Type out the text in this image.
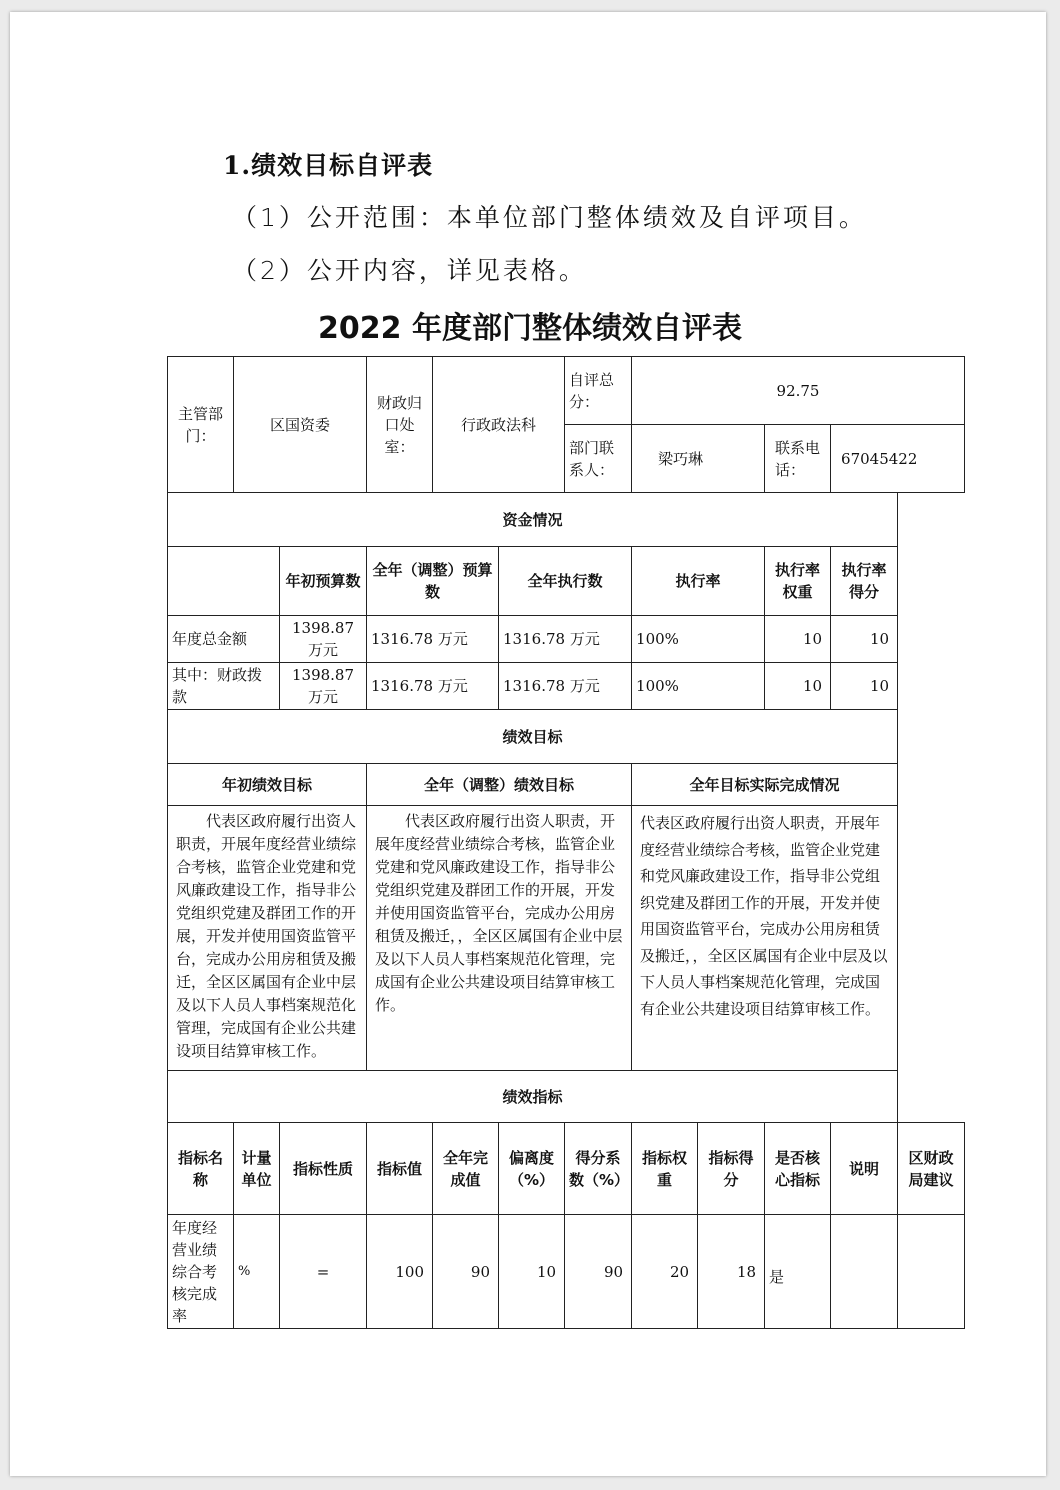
1.绩效目标自评表

（1）公开范围：本单位部门整体绩效及自评项目。

（2）公开内容，详见表格。

2022 年度部门整体绩效自评表
主管部门：	区国资委		财政归口处室：	行政政法科		自评总分：	92.75				
						部门联系人：	梁巧琳		联系电话：	67045422	
资金情况											
		年初预算数	全年（调整）预算数		全年执行数		执行率		执行率权重	执行率得分	
年度总金额		1398.87 万元	1316.78 万元		1316.78 万元		100%		10	10	
其中：财政拨款		1398.87 万元	1316.78 万元		1316.78 万元		100%		10	10	
绩效目标											
年初绩效目标			全年（调整）绩效目标				全年目标实际完成情况				
代表区政府履行出资人职责，开展年度经营业绩综合考核，监管企业党建和党风廉政建设工作，指导非公党组织党建及群团工作的开展，开发并使用国资监管平台，完成办公用房租赁及搬迁，全区区属国有企业中层及以下人员人事档案规范化管理，完成国有企业公共建设项目结算审核工作。			代表区政府履行出资人职责，开展年度经营业绩综合考核，监管企业党建和党风廉政建设工作，指导非公党组织党建及群团工作的开展，开发并使用国资监管平台，完成办公用房租赁及搬迁，，全区区属国有企业中层及以下人员人事档案规范化管理，完成国有企业公共建设项目结算审核工作。				代表区政府履行出资人职责，开展年度经营业绩综合考核，监管企业党建和党风廉政建设工作，指导非公党组织党建及群团工作的开展，开发并使用国资监管平台，完成办公用房租赁及搬迁，，全区区属国有企业中层及以下人员人事档案规范化管理，完成国有企业公共建设项目结算审核工作。				
绩效指标											
指标名称	计量单位	指标性质	指标值	全年完成值	偏离度（%）	得分系数（%）	指标权重	指标得分	是否核心指标	说明	区财政局建议
年度经营业绩综合考核完成率	%	=	100	90	10	90	20	18	是		
